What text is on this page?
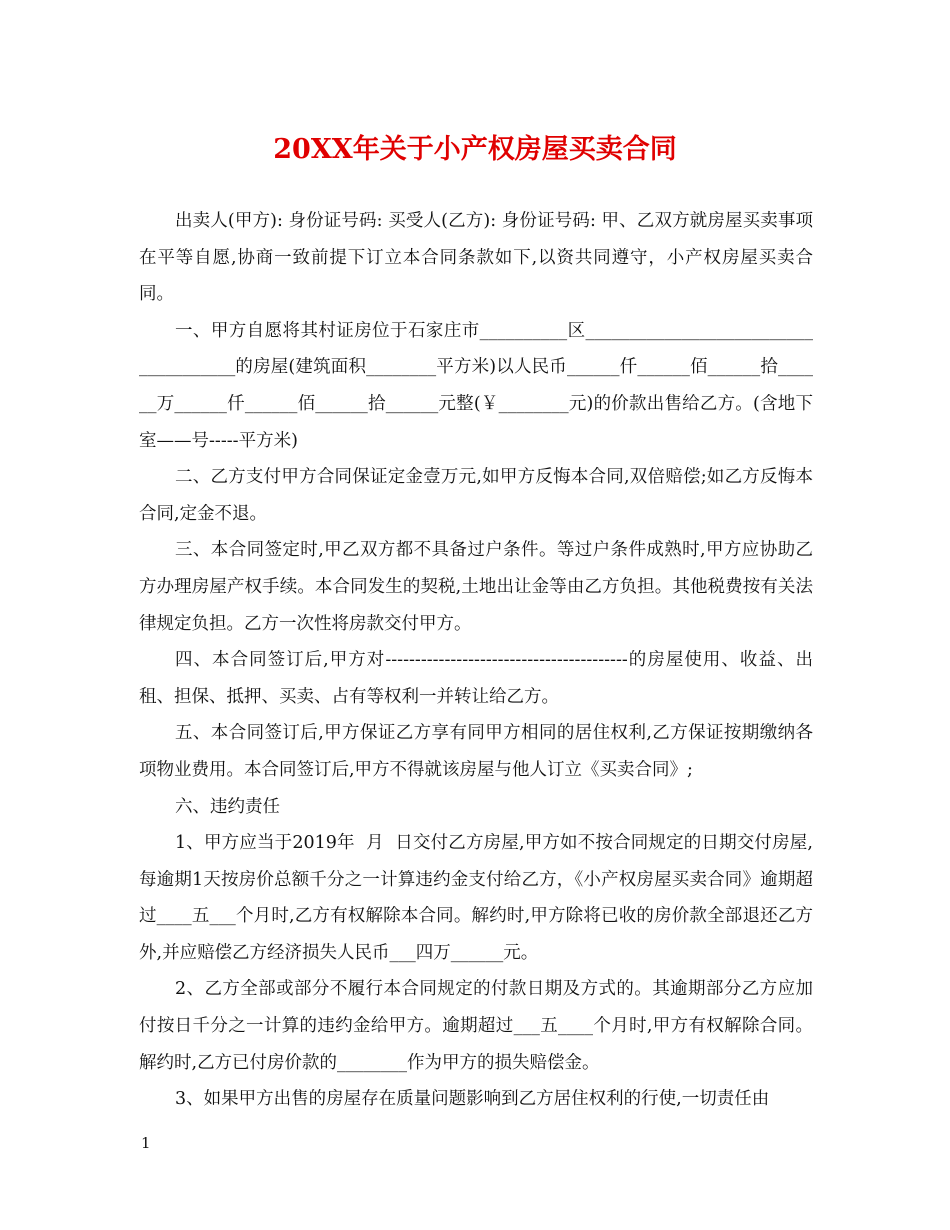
20XX年关于小产权房屋买卖合同

出卖人(甲方): 身份证号码: 买受人(乙方): 身份证号码: 甲、乙双方就房屋买卖事项在平等自愿,协商一致前提下订立本合同条款如下,以资共同遵守，小产权房屋买卖合同。

一、甲方自愿将其村证房位于石家庄市__________区_____________________________________的房屋(建筑面积________平方米)以人民币______仟______佰______拾______万______仟______佰______拾______元整(￥________元)的价款出售给乙方。(含地下室——号-----平方米)

二、乙方支付甲方合同保证定金壹万元,如甲方反悔本合同,双倍赔偿;如乙方反悔本合同,定金不退。

三、本合同签定时,甲乙双方都不具备过户条件。等过户条件成熟时,甲方应协助乙方办理房屋产权手续。本合同发生的契税,土地出让金等由乙方负担。其他税费按有关法律规定负担。乙方一次性将房款交付甲方。

四、本合同签订后,甲方对-----------------------------------------的房屋使用、收益、出租、担保、抵押、买卖、占有等权利一并转让给乙方。

五、本合同签订后,甲方保证乙方享有同甲方相同的居住权利,乙方保证按期缴纳各项物业费用。本合同签订后,甲方不得就该房屋与他人订立《买卖合同》;

六、违约责任

1、甲方应当于2019年  月  日交付乙方房屋,甲方如不按合同规定的日期交付房屋,每逾期1天按房价总额千分之一计算违约金支付给乙方，《小产权房屋买卖合同》逾期超过____五___个月时,乙方有权解除本合同。解约时,甲方除将已收的房价款全部退还乙方外,并应赔偿乙方经济损失人民币___四万______元。

2、乙方全部或部分不履行本合同规定的付款日期及方式的。其逾期部分乙方应加付按日千分之一计算的违约金给甲方。逾期超过___五____个月时,甲方有权解除合同。解约时,乙方已付房价款的________作为甲方的损失赔偿金。

3、如果甲方出售的房屋存在质量问题影响到乙方居住权利的行使,一切责任由

1
